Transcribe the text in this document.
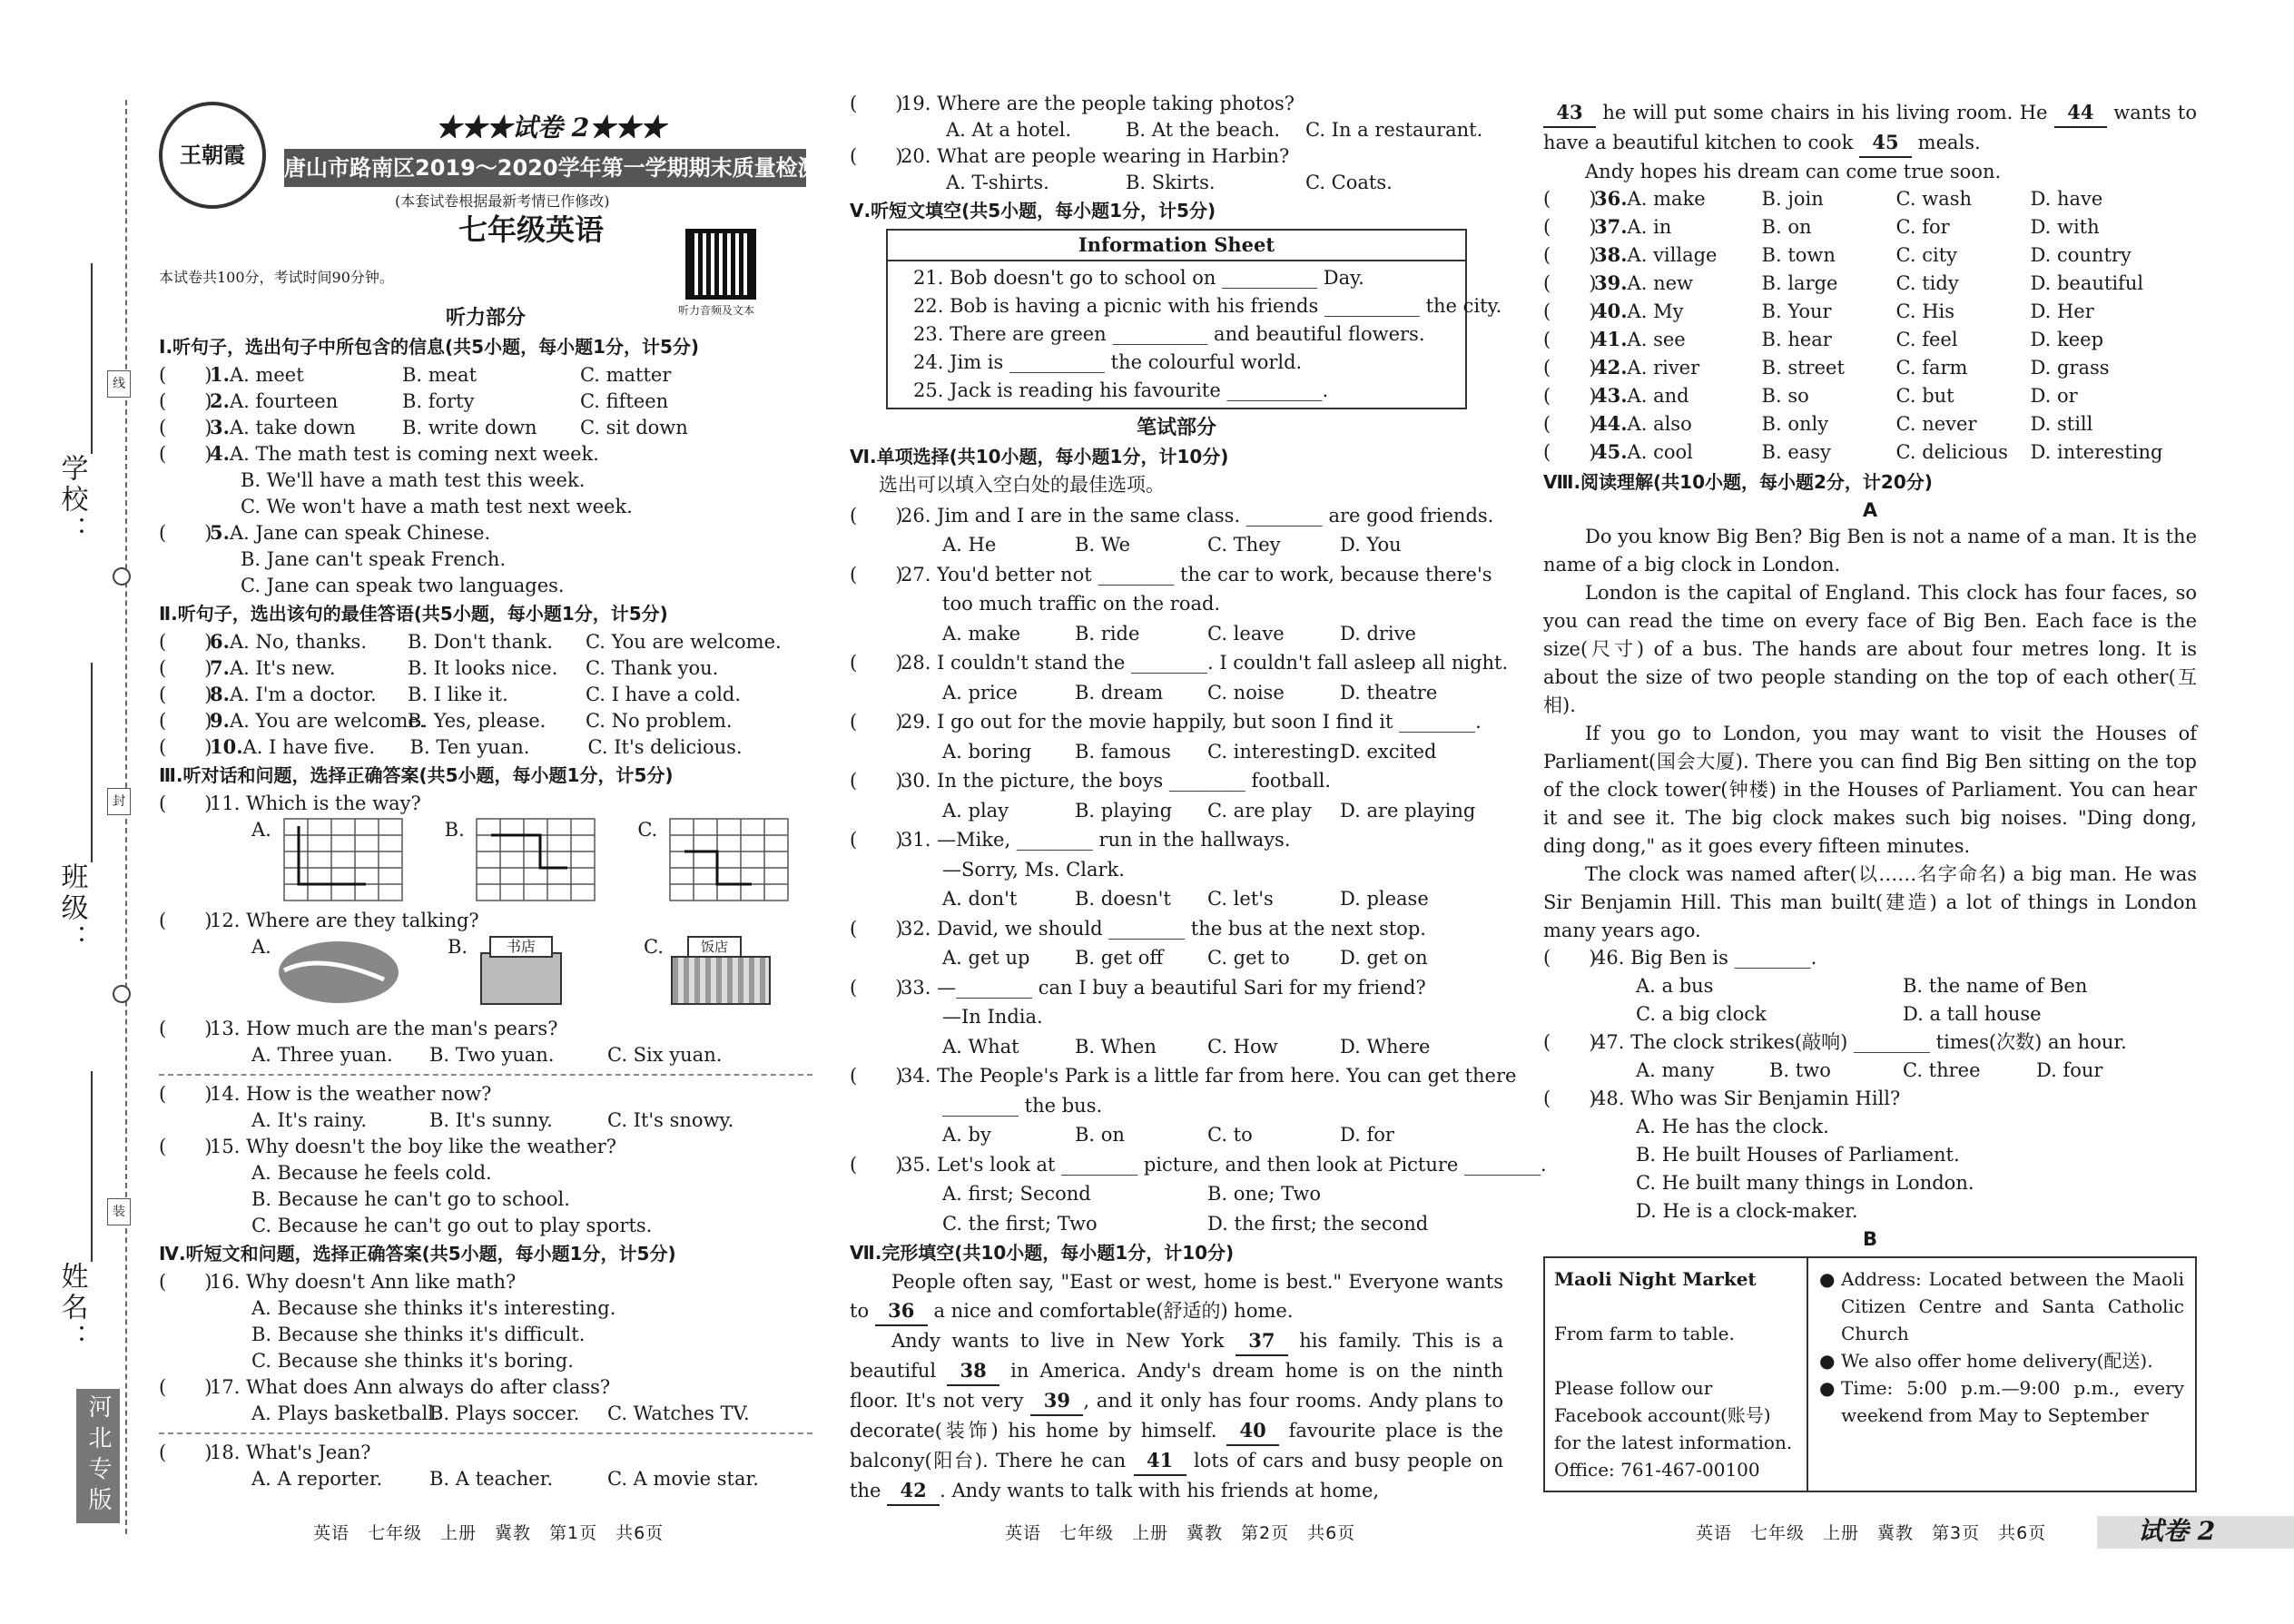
学校：
班级：
姓名：
线
封
装
河北专版
王朝霞
★★★试卷 2★★★
唐山市路南区2019～2020学年第一学期期末质量检测
(本套试卷根据最新考情已作修改)
七年级英语
听力音频及文本
本试卷共100分，考试时间90分钟。
听力部分
Ⅰ.听句子，选出句子中所包含的信息(共5小题，每小题1分，计5分)
(　　)
1. A. meet	B. meat	C. matter
(　　)
2. A. fourteen	B. forty	C. fifteen
(　　)
3. A. take down	B. write down	C. sit down
(　　)
4. A. The math test is coming next week.
B. We'll have a math test this week.
C. We won't have a math test next week.
(　　)
5. A. Jane can speak Chinese.
B. Jane can't speak French.
C. Jane can speak two languages.
Ⅱ.听句子，选出该句的最佳答语(共5小题，每小题1分，计5分)
(　　)
6. A. No, thanks.	B. Don't thank.	C. You are welcome.
(　　)
7. A. It's new.	B. It looks nice.	C. Thank you.
(　　)
8. A. I'm a doctor.	B. I like it.	C. I have a cold.
(　　)
9. A. You are welcome.
B. Yes, please.	C. No problem.
(　　)
10. A. I have five.	B. Ten yuan.	C. It's delicious.
Ⅲ.听对话和问题，选择正确答案(共5小题，每小题1分，计5分)
(　　)
11. Which is the way?
A.	B.	C.
(　　)
12. Where are they talking?
A.	B.	书店	C.	饭店
(　　)
13. How much are the man's pears?
A. Three yuan.	B. Two yuan.	C. Six yuan.
(　　)
14. How is the weather now?
A. It's rainy.	B. It's sunny.	C. It's snowy.
(　　)
15. Why doesn't the boy like the weather?
A. Because he feels cold.
B. Because he can't go to school.
C. Because he can't go out to play sports.
Ⅳ.听短文和问题，选择正确答案(共5小题，每小题1分，计5分)
(　　)
16. Why doesn't Ann like math?
A. Because she thinks it's interesting.
B. Because she thinks it's difficult.
C. Because she thinks it's boring.
(　　)
17. What does Ann always do after class?
A. Plays basketball.
B. Plays soccer.	C. Watches TV.
(　　)
18. What's Jean?
A. A reporter.	B. A teacher.	C. A movie star.
(　　)
19. Where are the people taking photos?
A. At a hotel.	B. At the beach.	C. In a restaurant.
(　　)
20. What are people wearing in Harbin?
A. T-shirts.	B. Skirts.	C. Coats.
Ⅴ.听短文填空(共5小题，每小题1分，计5分)
Information Sheet
21. Bob doesn't go to school on __________ Day.
22. Bob is having a picnic with his friends __________ the city.
23. There are green __________ and beautiful flowers.
24. Jim is __________ the colourful world.
25. Jack is reading his favourite __________.
笔试部分
Ⅵ.单项选择(共10小题，每小题1分，计10分)
选出可以填入空白处的最佳选项。
(　　)
26. Jim and I are in the same class. ________ are good friends.
A. He	B. We	C. They	D. You
(　　)
27. You'd better not ________ the car to work, because there's
too much traffic on the road.
A. make	B. ride	C. leave	D. drive
(　　)
28. I couldn't stand the ________. I couldn't fall asleep all night.
A. price	B. dream	C. noise	D. theatre
(　　)
29. I go out for the movie happily, but soon I find it ________.
A. boring	B. famous	C. interesting D. excited
(　　)
30. In the picture, the boys ________ football.
A. play	B. playing	C. are play	D. are playing
(　　)
31. —Mike, ________ run in the hallways.
—Sorry, Ms. Clark.
A. don't	B. doesn't	C. let's	D. please
(　　)
32. David, we should ________ the bus at the next stop.
A. get up	B. get off	C. get to	D. get on
(　　)
33. —________ can I buy a beautiful Sari for my friend?
—In India.
A. What	B. When	C. How	D. Where
(　　)
34. The People's Park is a little far from here. You can get there
________ the bus.
A. by	B. on	C. to	D. for
(　　)
35. Let's look at ________ picture, and then look at Picture ________.
A. first; Second	B. one; Two
C. the first; Two	D. the first; the second
Ⅶ.完形填空(共10小题，每小题1分，计10分)

People often say, "East or west, home is best." Everyone wants to 36 a nice and comfortable(舒适的) home.

Andy wants to live in New York 37 his family. This is a beautiful 38 in America. Andy's dream home is on the ninth floor. It's not very 39 , and it only has four rooms. Andy plans to decorate(装饰) his home by himself. 40 favourite place is the balcony(阳台). There he can 41 lots of cars and busy people on the 42 . Andy wants to talk with his friends at home,

43 he will put some chairs in his living room. He 44 wants to have a beautiful kitchen to cook 45 meals.

Andy hopes his dream can come true soon.

(　　)
36. A. make	B. join	C. wash	D. have
(　　)
37. A. in	B. on	C. for	D. with
(　　)
38. A. village	B. town	C. city	D. country
(　　)
39. A. new	B. large	C. tidy	D. beautiful
(　　)
40. A. My	B. Your	C. His	D. Her
(　　)
41. A. see	B. hear	C. feel	D. keep
(　　)
42. A. river	B. street	C. farm	D. grass
(　　)
43. A. and	B. so	C. but	D. or
(　　)
44. A. also	B. only	C. never	D. still
(　　)
45. A. cool	B. easy	C. delicious	D. interesting
Ⅷ.阅读理解(共10小题，每小题2分，计20分)
A

Do you know Big Ben? Big Ben is not a name of a man. It is the name of a big clock in London.

London is the capital of England. This clock has four faces, so you can read the time on every face of Big Ben. Each face is the size(尺寸) of a bus. The hands are about four metres long. It is about the size of two people standing on the top of each other(互相).

If you go to London, you may want to visit the Houses of Parliament(国会大厦). There you can find Big Ben sitting on the top of the clock tower(钟楼) in the Houses of Parliament. You can hear it and see it. The big clock makes such big noises. "Ding dong, ding dong," as it goes every fifteen minutes.

The clock was named after(以……名字命名) a big man. He was Sir Benjamin Hill. This man built(建造) a lot of things in London many years ago.

(　　)
46. Big Ben is ________.
A. a bus	B. the name of Ben
C. a big clock	D. a tall house
(　　)
47. The clock strikes(敲响) ________ times(次数) an hour.
A. many	B. two	C. three	D. four
(　　)
48. Who was Sir Benjamin Hill?
A. He has the clock.
B. He built Houses of Parliament.
C. He built many things in London.
D. He is a clock-maker.
B
Maoli Night Market
From farm to table.
Please follow our Facebook account(账号) for the latest information.
Office: 761-467-00100
● Address: Located between the Maoli Citizen Centre and Santa Catholic Church
● We also offer home delivery(配送).
● Time: 5:00 p.m.—9:00 p.m., every weekend from May to September
英语　七年级　上册　冀教　第1页　共6页	英语　七年级　上册　冀教　第2页　共6页	英语　七年级　上册　冀教　第3页　共6页	试卷 2
